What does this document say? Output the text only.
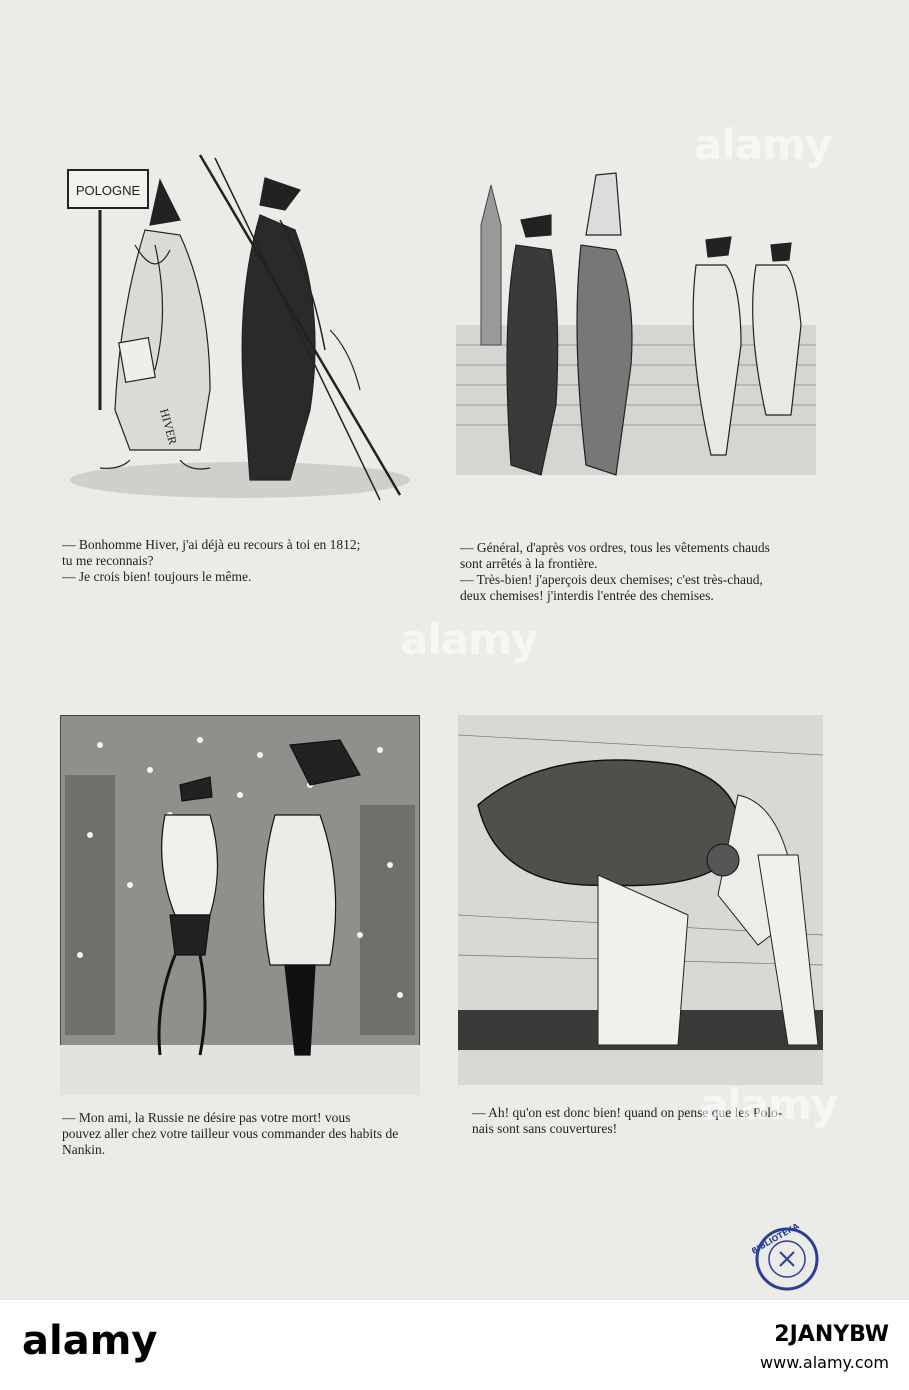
POLOGNE
HIVER

— Bonhomme Hiver, j'ai déjà eu recours à toi en 1812;

tu me reconnais?

— Je crois bien! toujours le même.

— Général, d'après vos ordres, tous les vêtements chauds

sont arrêtés à la frontière.

— Très-bien! j'aperçois deux chemises; c'est très-chaud,

deux chemises! j'interdis l'entrée des chemises.

— Mon ami, la Russie ne désire pas votre mort! vous

pouvez aller chez votre tailleur vous commander des habits de

Nankin.

— Ah! qu'on est donc bien! quand on pense que les Polo-

nais sont sans couvertures!

BIBLIOTEKA
alamy
alamy
alamy
alamy	2JANYBW
www.alamy.com
